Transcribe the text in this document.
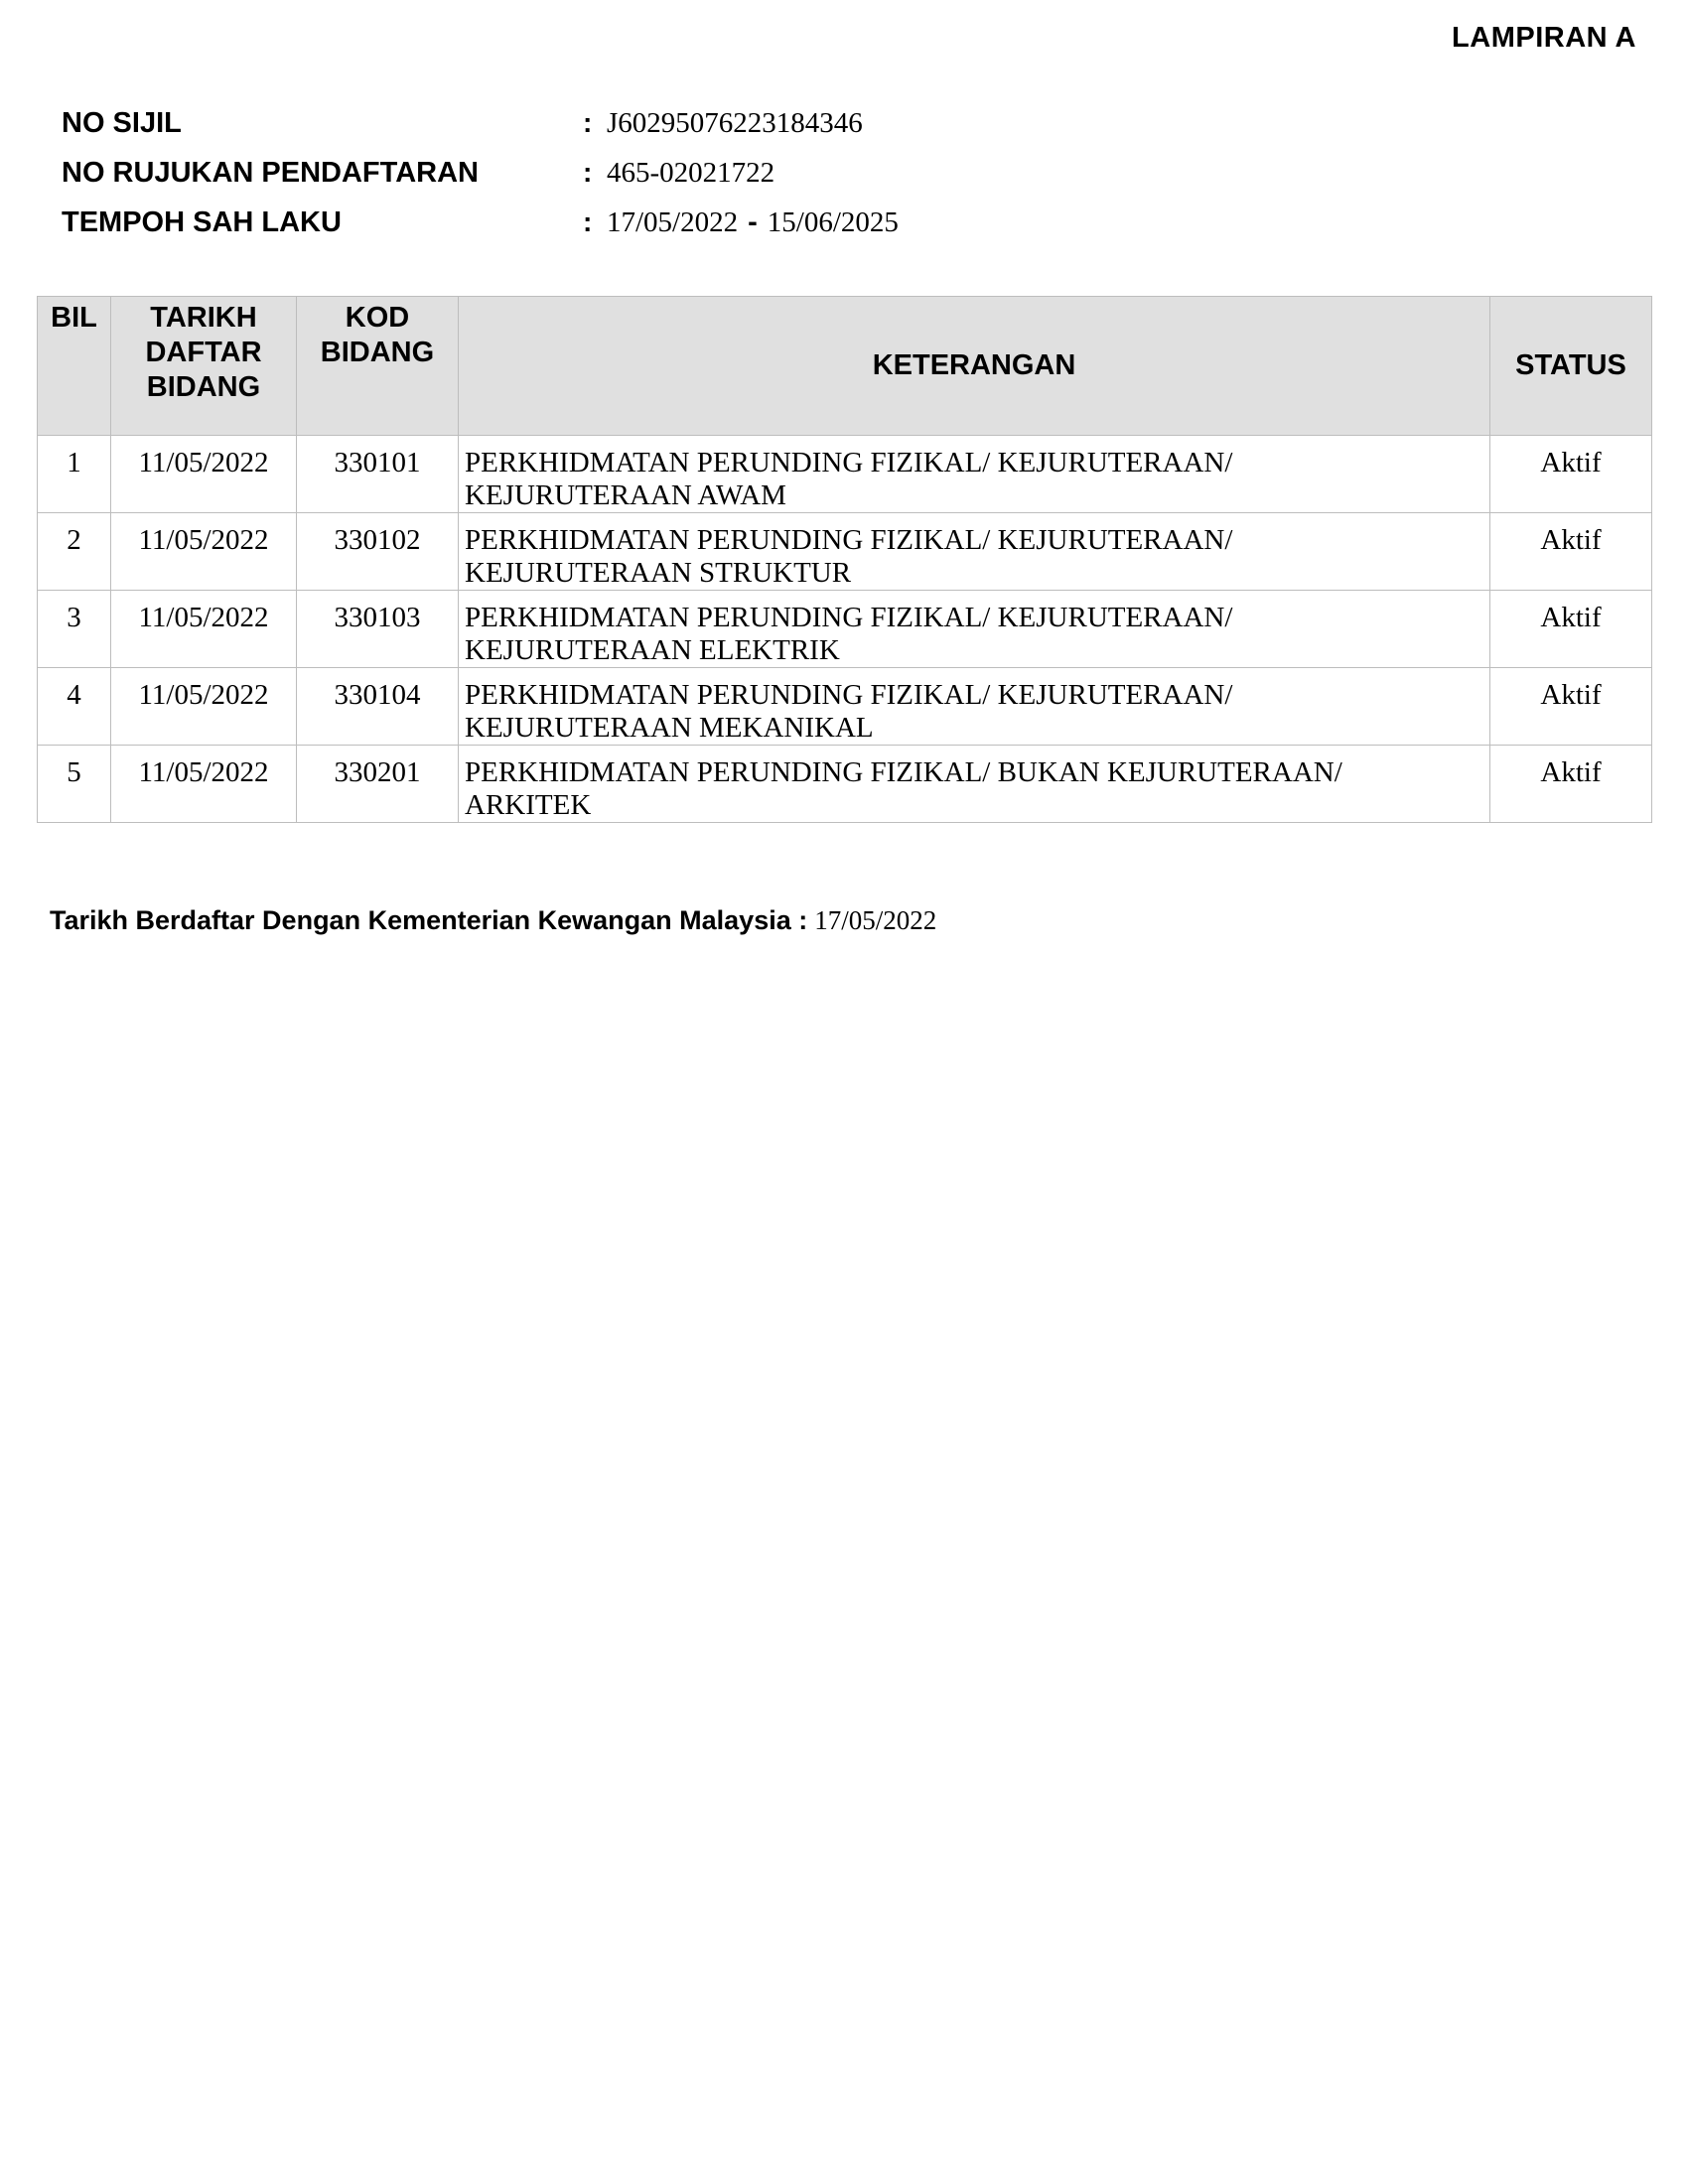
LAMPIRAN A
NO SIJIL	: J60295076223184346
NO RUJUKAN PENDAFTARAN	: 465-02021722
TEMPOH SAH LAKU	: 17/05/2022 - 15/06/2025
BIL	TARIKH DAFTAR BIDANG	KOD BIDANG	KETERANGAN	STATUS
1	11/05/2022	330101	PERKHIDMATAN PERUNDING FIZIKAL/ KEJURUTERAAN/
KEJURUTERAAN AWAM	Aktif
2	11/05/2022	330102	PERKHIDMATAN PERUNDING FIZIKAL/ KEJURUTERAAN/
KEJURUTERAAN STRUKTUR	Aktif
3	11/05/2022	330103	PERKHIDMATAN PERUNDING FIZIKAL/ KEJURUTERAAN/
KEJURUTERAAN ELEKTRIK	Aktif
4	11/05/2022	330104	PERKHIDMATAN PERUNDING FIZIKAL/ KEJURUTERAAN/
KEJURUTERAAN MEKANIKAL	Aktif
5	11/05/2022	330201	PERKHIDMATAN PERUNDING FIZIKAL/ BUKAN KEJURUTERAAN/
ARKITEK	Aktif
Tarikh Berdaftar Dengan Kementerian Kewangan Malaysia : 17/05/2022
